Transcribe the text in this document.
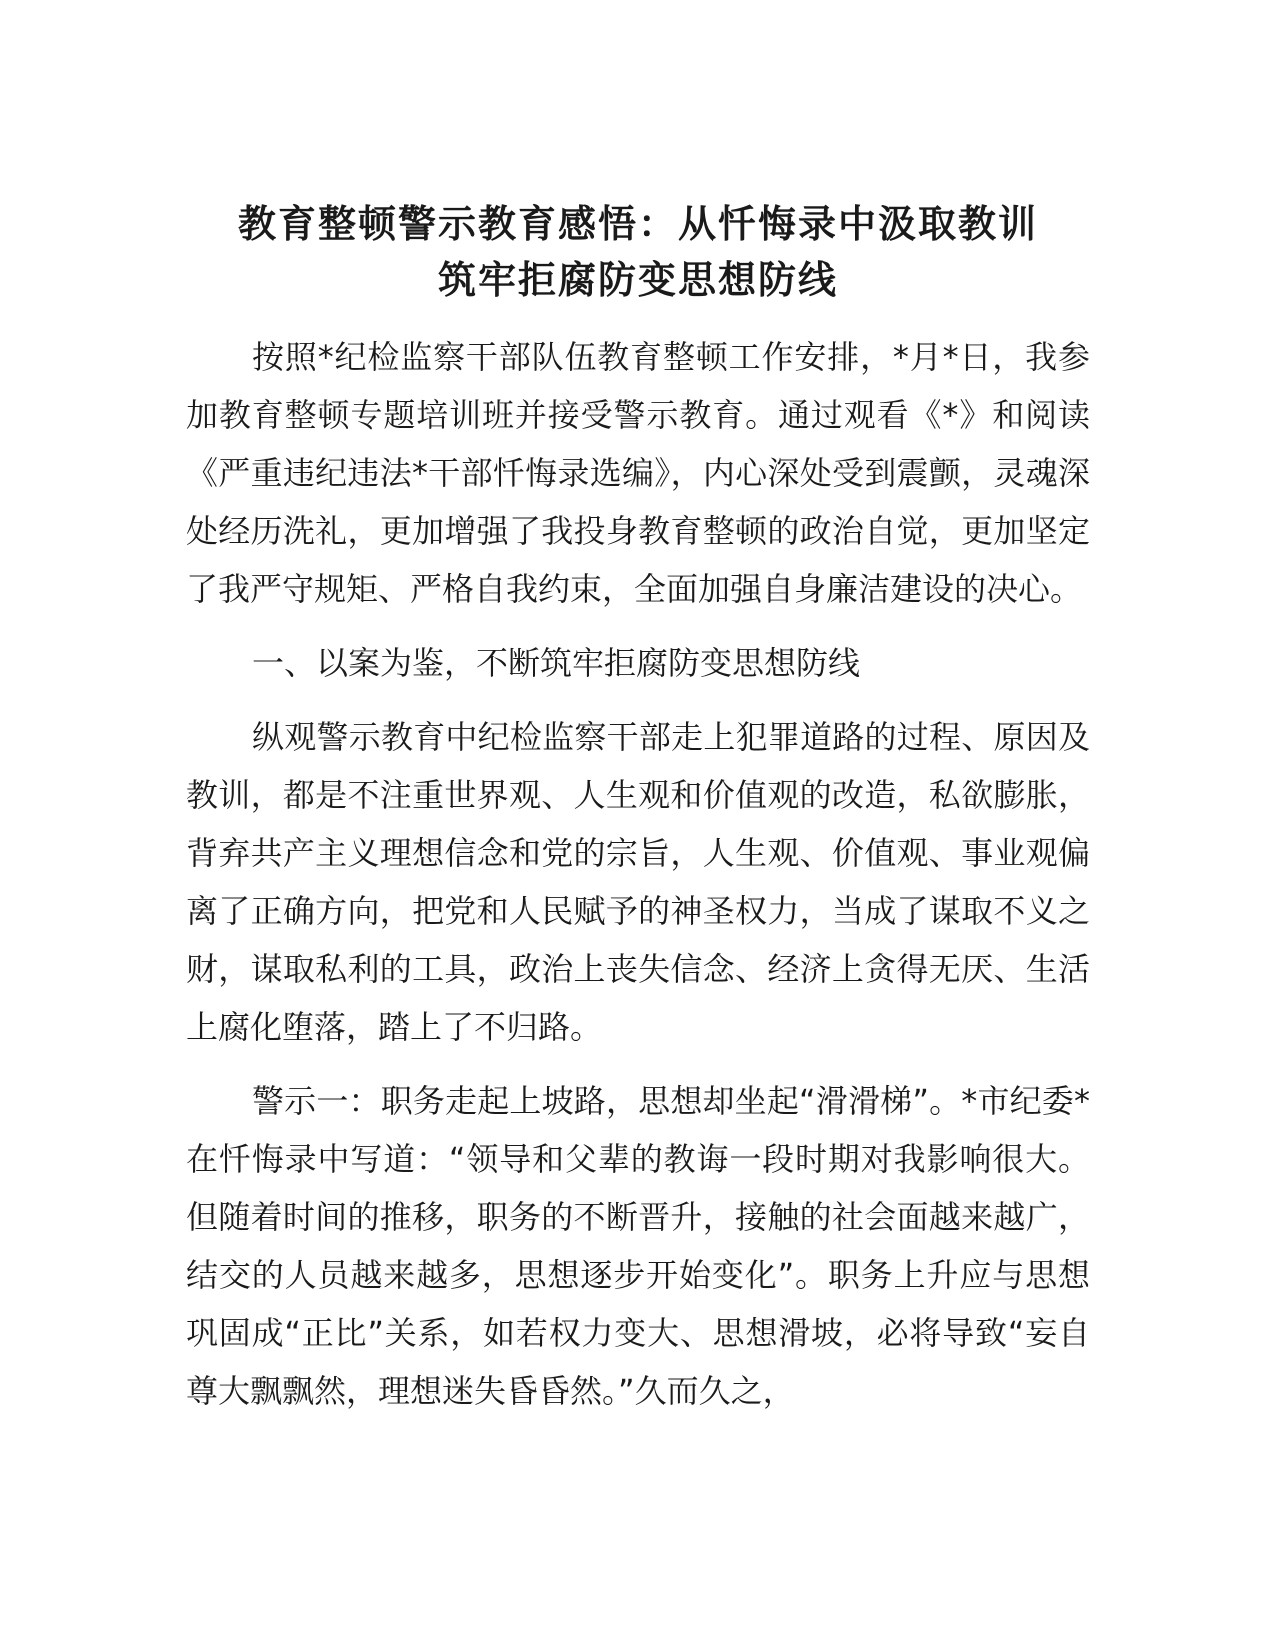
教育整顿警示教育感悟：从忏悔录中汲取教训
筑牢拒腐防变思想防线

按照*纪检监察干部队伍教育整顿工作安排，*月*日，我参加教育整顿专题培训班并接受警示教育。通过观看《*》和阅读《严重违纪违法*干部忏悔录选编》，内心深处受到震颤，灵魂深处经历洗礼，更加增强了我投身教育整顿的政治自觉，更加坚定了我严守规矩、严格自我约束，全面加强自身廉洁建设的决心。

一、以案为鉴，不断筑牢拒腐防变思想防线

纵观警示教育中纪检监察干部走上犯罪道路的过程、原因及教训，都是不注重世界观、人生观和价值观的改造，私欲膨胀，背弃共产主义理想信念和党的宗旨，人生观、价值观、事业观偏离了正确方向，把党和人民赋予的神圣权力，当成了谋取不义之财，谋取私利的工具，政治上丧失信念、经济上贪得无厌、生活上腐化堕落，踏上了不归路。

警示一：职务走起上坡路，思想却坐起“滑滑梯”。*市纪委*在忏悔录中写道：“领导和父辈的教诲一段时期对我影响很大。但随着时间的推移，职务的不断晋升，接触的社会面越来越广，结交的人员越来越多，思想逐步开始变化”。职务上升应与思想巩固成“正比”关系，如若权力变大、思想滑坡，必将导致“妄自尊大飘飘然，理想迷失昏昏然。”久而久之，
